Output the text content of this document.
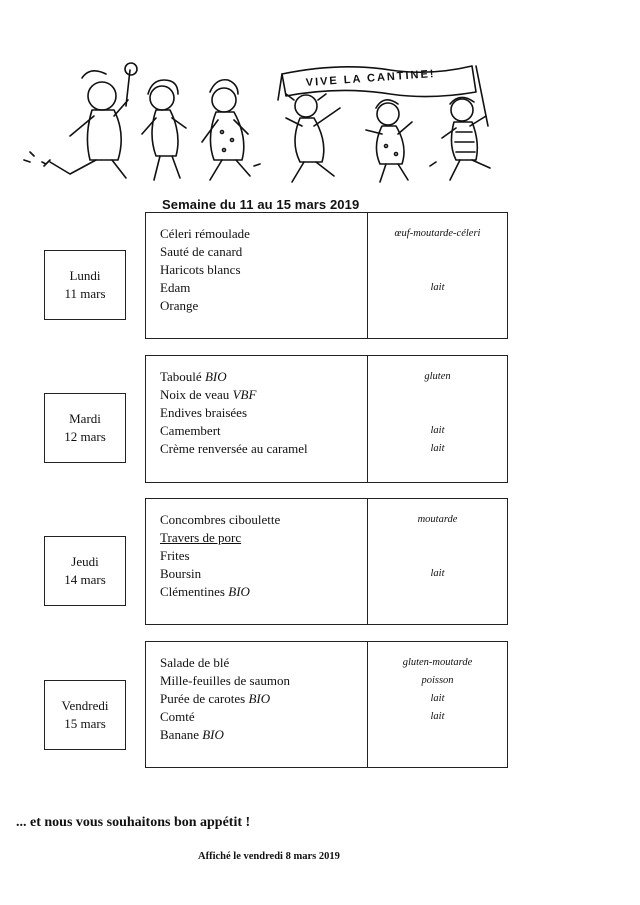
VIVE LA CANTINE!
Semaine du 11 au 15 mars 2019
Lundi
11 mars
Céleri rémoulade	œuf-moutarde-céleri
Sauté de canard
Haricots blancs
Edam	lait
Orange
Mardi
12 mars
Taboulé BIO	gluten
Noix de veau VBF
Endives braisées
Camembert	lait
Crème renversée au caramel	lait
Jeudi
14 mars
Concombres ciboulette	moutarde
Travers de porc
Frites
Boursin	lait
Clémentines BIO
Vendredi
15 mars
Salade de blé	gluten-moutarde
Mille-feuilles de saumon	poisson
Purée de carotes BIO	lait
Comté	lait
Banane BIO
... et nous vous souhaitons bon appétit !
Affiché le vendredi 8 mars 2019
